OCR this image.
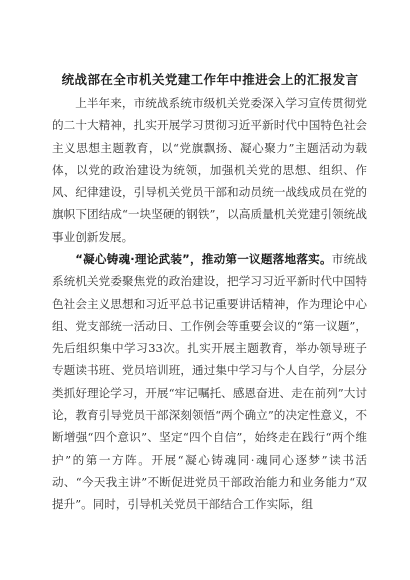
统战部在全市机关党建工作年中推进会上的汇报发言

上半年来，市统战系统市级机关党委深入学习宣传贯彻党的二十大精神，扎实开展学习贯彻习近平新时代中国特色社会主义思想主题教育，以“党旗飘扬、凝心聚力”主题活动为载体，以党的政治建设为统领，加强机关党的思想、组织、作风、纪律建设，引导机关党员干部和动员统一战线成员在党的旗帜下团结成“一块坚硬的钢铁”，以高质量机关党建引领统战事业创新发展。

“凝心铸魂·理论武装”，推动第一议题落地落实。市统战系统机关党委聚焦党的政治建设，把学习习近平新时代中国特色社会主义思想和习近平总书记重要讲话精神，作为理论中心组、党支部统一活动日、工作例会等重要会议的“第一议题”，先后组织集中学习33次。扎实开展主题教育，举办领导班子专题读书班、党员培训班，通过集中学习与个人自学，分层分类抓好理论学习，开展“牢记嘱托、感恩奋进、走在前列”大讨论，教育引导党员干部深刻领悟“两个确立”的决定性意义，不断增强“四个意识”、坚定“四个自信”，始终走在践行“两个维护”的第一方阵。开展“凝心铸魂同·魂同心逐梦”读书活动、“今天我主讲”不断促进党员干部政治能力和业务能力“双提升”。同时，引导机关党员干部结合工作实际，组
